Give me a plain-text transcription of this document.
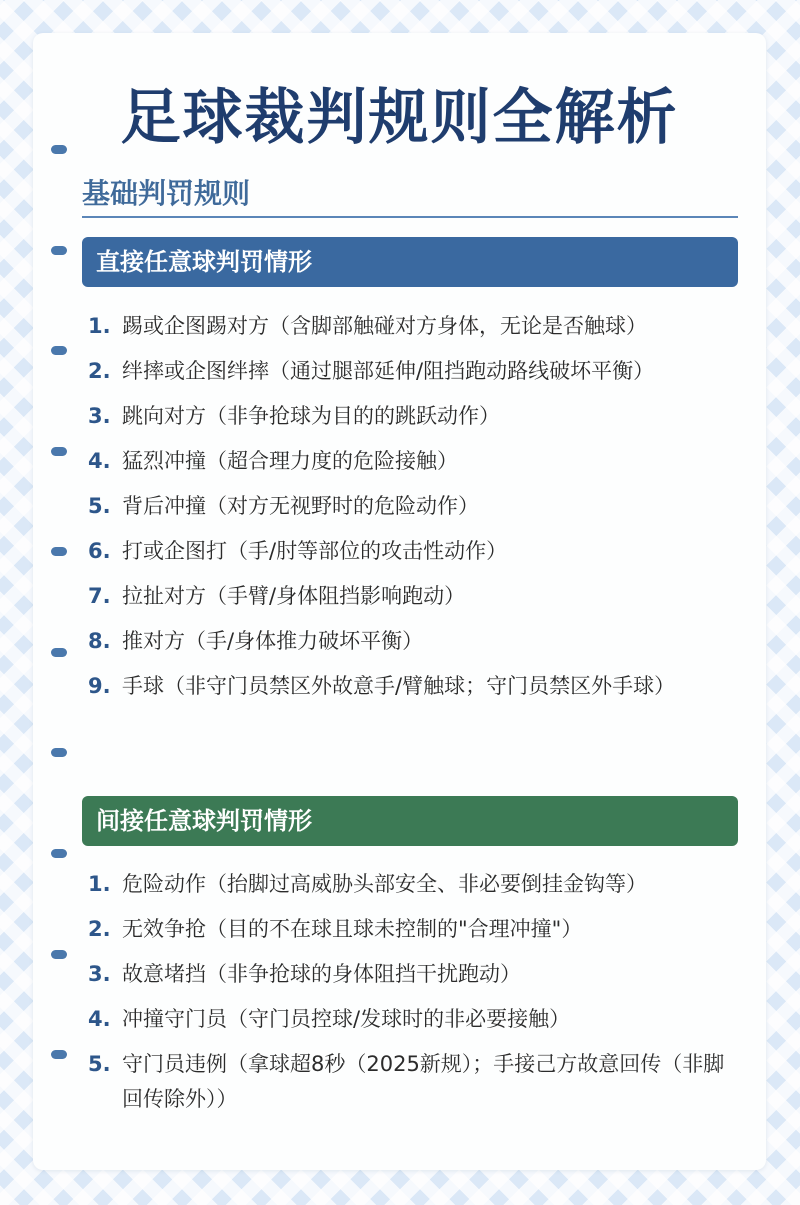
足球裁判规则全解析
基础判罚规则
直接任意球判罚情形
1. 踢或企图踢对方（含脚部触碰对方身体，无论是否触球）
2. 绊摔或企图绊摔（通过腿部延伸/阻挡跑动路线破坏平衡）
3. 跳向对方（非争抢球为目的的跳跃动作）
4. 猛烈冲撞（超合理力度的危险接触）
5. 背后冲撞（对方无视野时的危险动作）
6. 打或企图打（手/肘等部位的攻击性动作）
7. 拉扯对方（手臂/身体阻挡影响跑动）
8. 推对方（手/身体推力破坏平衡）
9. 手球（非守门员禁区外故意手/臂触球；守门员禁区外手球）
间接任意球判罚情形
1. 危险动作（抬脚过高威胁头部安全、非必要倒挂金钩等）
2. 无效争抢（目的不在球且球未控制的"合理冲撞"）
3. 故意堵挡（非争抢球的身体阻挡干扰跑动）
4. 冲撞守门员（守门员控球/发球时的非必要接触）
5. 守门员违例（拿球超8秒（2025新规）；手接己方故意回传（非脚回传除外））
